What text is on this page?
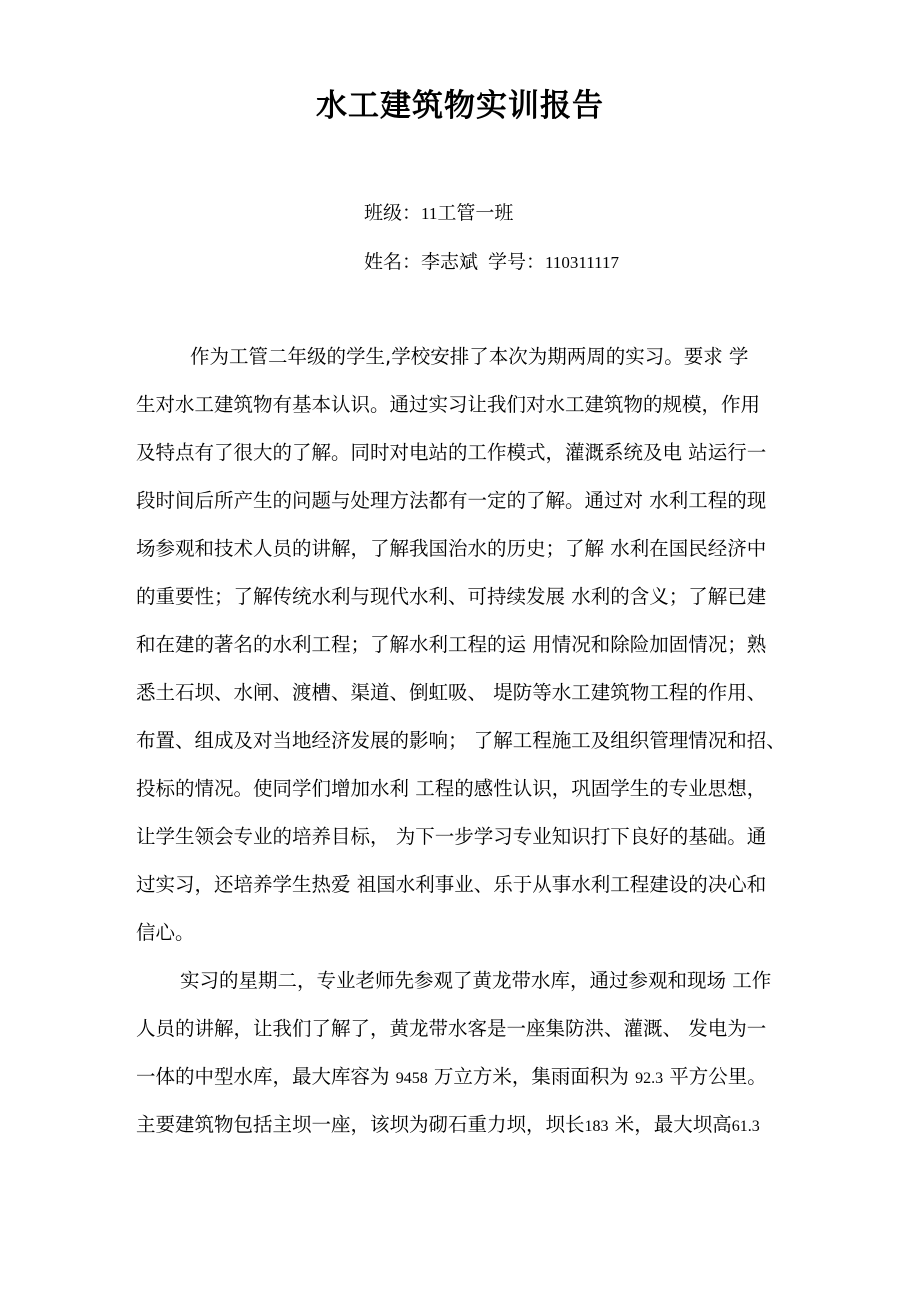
水工建筑物实训报告
班级：11工管一班
姓名：李志斌 学号：110311117
作为工管二年级的学生,学校安排了本次为期两周的实习。要求 学
生对水工建筑物有基本认识。通过实习让我们对水工建筑物的规模，作用
及特点有了很大的了解。同时对电站的工作模式，灌溉系统及电 站运行一
段时间后所产生的问题与处理方法都有一定的了解。通过对 水利工程的现
场参观和技术人员的讲解，了解我国治水的历史；了解 水利在国民经济中
的重要性；了解传统水利与现代水利、可持续发展 水利的含义；了解已建
和在建的著名的水利工程；了解水利工程的运 用情况和除险加固情况；熟
悉土石坝、水闸、渡槽、渠道、倒虹吸、 堤防等水工建筑物工程的作用、
布置、组成及对当地经济发展的影响； 了解工程施工及组织管理情况和招、
投标的情况。使同学们增加水利 工程的感性认识，巩固学生的专业思想，
让学生领会专业的培养目标， 为下一步学习专业知识打下良好的基础。通
过实习，还培养学生热爱 祖国水利事业、乐于从事水利工程建设的决心和
信心。
实习的星期二，专业老师先参观了黄龙带水库，通过参观和现场 工作
人员的讲解，让我们了解了，黄龙带水客是一座集防洪、灌溉、 发电为一
一体的中型水库，最大库容为 9458 万立方米，集雨面积为 92.3 平方公里。
主要建筑物包括主坝一座，该坝为砌石重力坝，坝长183 米，最大坝高61.3
